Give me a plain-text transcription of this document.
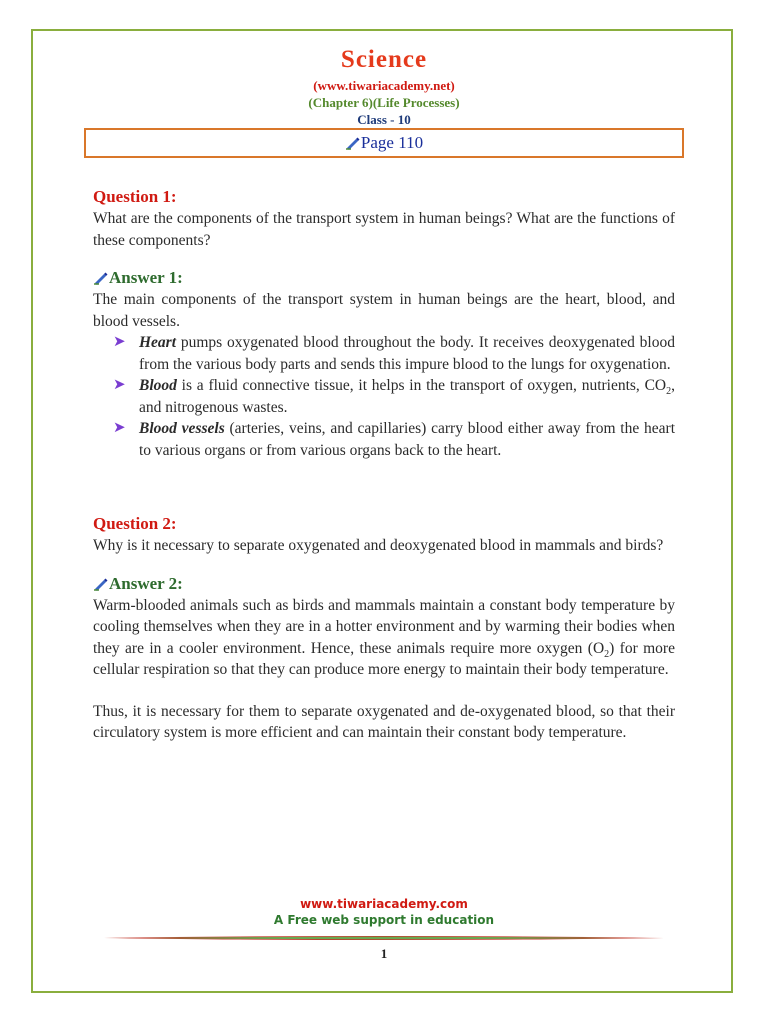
Science
(www.tiwariacademy.net)
(Chapter 6)(Life Processes)
Class - 10
Page 110
Question 1:

What are the components of the transport system in human beings? What are the functions of these components?

Answer 1:

The main components of the transport system in human beings are the heart, blood, and blood vessels.

➤ Heart pumps oxygenated blood throughout the body. It receives deoxygenated blood from the various body parts and sends this impure blood to the lungs for oxygenation.
➤ Blood is a fluid connective tissue, it helps in the transport of oxygen, nutrients, $CO_2$, and nitrogenous wastes.
➤ Blood vessels (arteries, veins, and capillaries) carry blood either away from the heart to various organs or from various organs back to the heart.
Question 2:

Why is it necessary to separate oxygenated and deoxygenated blood in mammals and birds?

Answer 2:

Warm-blooded animals such as birds and mammals maintain a constant body temperature by cooling themselves when they are in a hotter environment and by warming their bodies when they are in a cooler environment. Hence, these animals require more oxygen $(O_2)$ for more cellular respiration so that they can produce more energy to maintain their body temperature.

Thus, it is necessary for them to separate oxygenated and de-oxygenated blood, so that their circulatory system is more efficient and can maintain their constant body temperature.

www.tiwariacademy.com
A Free web support in education
1
